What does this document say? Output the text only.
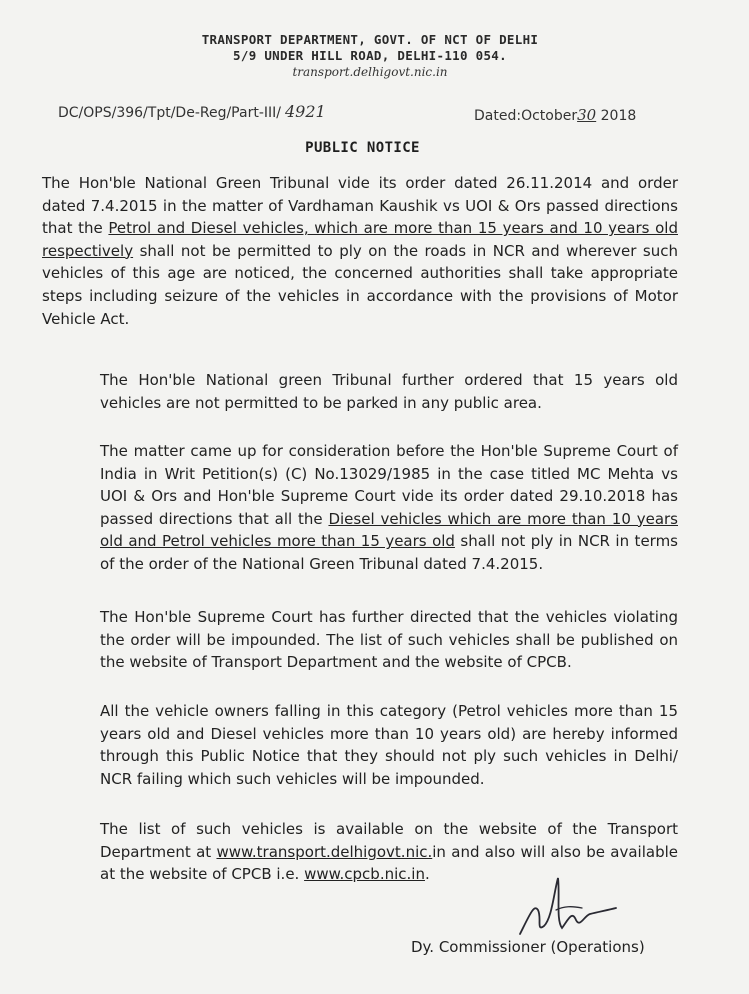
TRANSPORT DEPARTMENT, GOVT. OF NCT OF DELHI
5/9 UNDER HILL ROAD, DELHI-110 054.
transport.delhigovt.nic.in
DC/OPS/396/Tpt/De-Reg/Part-III/ 4921	Dated:October30 2018
PUBLIC NOTICE

The Hon'ble National Green Tribunal vide its order dated 26.11.2014 and order dated 7.4.2015 in the matter of Vardhaman Kaushik vs UOI & Ors passed directions that the Petrol and Diesel vehicles, which are more than 15 years and 10 years old respectively shall not be permitted to ply on the roads in NCR and wherever such vehicles of this age are noticed, the concerned authorities shall take appropriate steps including seizure of the vehicles in accordance with the provisions of Motor Vehicle Act.

The Hon'ble National green Tribunal further ordered that 15 years old vehicles are not permitted to be parked in any public area.

The matter came up for consideration before the Hon'ble Supreme Court of India in Writ Petition(s) (C) No.13029/1985 in the case titled MC Mehta vs UOI & Ors and Hon'ble Supreme Court vide its order dated 29.10.2018 has passed directions that all the Diesel vehicles which are more than 10 years old and Petrol vehicles more than 15 years old shall not ply in NCR in terms of the order of the National Green Tribunal dated 7.4.2015.

The Hon'ble Supreme Court has further directed that the vehicles violating the order will be impounded. The list of such vehicles shall be published on the website of Transport Department and the website of CPCB.

All the vehicle owners falling in this category (Petrol vehicles more than 15 years old and Diesel vehicles more than 10 years old) are hereby informed through this Public Notice that they should not ply such vehicles in Delhi/ NCR failing which such vehicles will be impounded.

The list of such vehicles is available on the website of the Transport Department at www.transport.delhigovt.nic.in and also will also be available at the website of CPCB i.e. www.cpcb.nic.in.

Dy. Commissioner (Operations)
